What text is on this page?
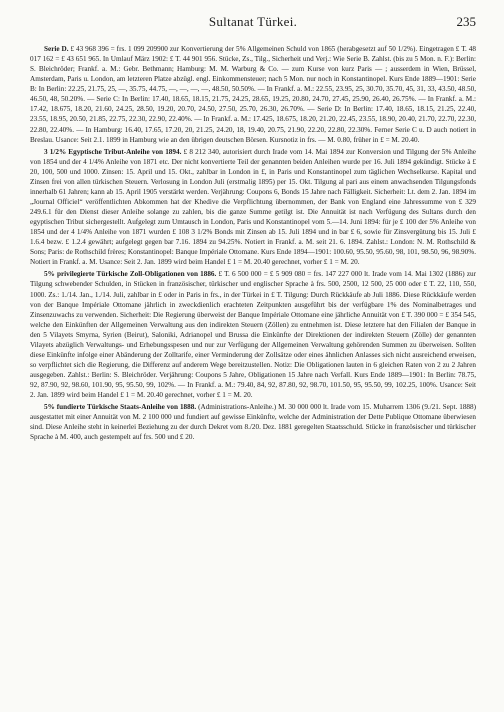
Sultanat Türkei.	235

Serie D. £ 43 968 396 = frs. 1 099 209900 zur Konvertierung der 5% Allgemeinen Schuld von 1865 (herabgesetzt auf 50 1/2%). Eingetragen £ T. 48 017 162 = £ 43 651 965. In Umlauf März 1902: £ T. 44 901 956. Stücke, Zs., Tilg., Sicherheit und Verj.: Wie Serie B. Zahlst. (bis zu 5 Mon. n. F.): Berlin: S. Bleichröder; Frankf. a. M.: Gebr. Bethmann; Hamburg: M. M. Warburg & Co. — zum Kurse von kurz Paris — ; ausserdem in Wien, Brüssel, Amsterdam, Paris u. London, am letzteren Platze abzügl. engl. Einkommensteuer; nach 5 Mon. nur noch in Konstantinopel. Kurs Ende 1889—1901: Serie B: In Berlin: 22.25, 21.75, 25, —, 35.75, 44.75, —, —, —, —, 48.50, 50.50%. — In Frankf. a. M.: 22.55, 23.95, 25, 30.70, 35.70, 45, 31, 33, 43.50, 48.50, 46.50, 48, 50.20%. — Serie C: In Berlin: 17.40, 18.65, 18.15, 21.75, 24.25, 28.65, 19.25, 20.80, 24.70, 27.45, 25.90, 26.40, 26.75%. — In Frankf. a. M.: 17.42, 18.675, 18.20, 21.60, 24.25, 28.50, 19.20, 20.70, 24.50, 27.50, 25.70, 26.30, 26.70%. — Serie D: In Berlin: 17.40, 18.65, 18.15, 21.25, 22.40, 23.55, 18.95, 20.50, 21.85, 22.75, 22.30, 22.90, 22.40%. — In Frankf. a. M.: 17.425, 18.675, 18.20, 21.20, 22.45, 23.55, 18.90, 20.40, 21.70, 22.70, 22.30, 22.80, 22.40%. — In Hamburg: 16.40, 17.65, 17.20, 20, 21.25, 24.20, 18, 19.40, 20.75, 21.90, 22.20, 22.80, 22.30%. Ferner Serie C u. D auch notiert in Breslau. Usance: Seit 2.1. 1899 in Hamburg wie an den übrigen deutschen Börsen. Kursnotiz in frs. — M. 0.80, früher in £ = M. 20.40.

3 1/2% Egyptische Tribut-Anleihe von 1894. £ 8 212 340, autorisiert durch Irade vom 14. Mai 1894 zur Konversion und Tilgung der 5% Anleihe von 1854 und der 4 1/4% Anleihe von 1871 etc. Der nicht konvertierte Teil der genannten beiden Anleihen wurde per 16. Juli 1894 gekündigt. Stücke à £ 20, 100, 500 und 1000. Zinsen: 15. April und 15. Okt., zahlbar in London in £, in Paris und Konstantinopel zum täglichen Wechselkurse. Kapital und Zinsen frei von allen türkischen Steuern. Verlosung in London Juli (erstmalig 1895) per 15. Okt. Tilgung al pari aus einem anwachsenden Tilgungsfonds innerhalb 61 Jahren; kann ab 15. April 1905 verstärkt werden. Verjährung: Coupons 6, Bonds 15 Jahre nach Fälligkeit. Sicherheit: Lt. dem 2. Jan. 1894 im „Journal Officiel“ veröffentlichten Abkommen hat der Khedive die Verpflichtung übernommen, der Bank von England eine Jahressumme von £ 329 249.6.1 für den Dienst dieser Anleihe solange zu zahlen, bis die ganze Summe getilgt ist. Die Annuität ist nach Verfügung des Sultans durch den egyptischen Tribut sichergestellt. Aufgelegt zum Umtausch in London, Paris und Konstantinopel vom 5.—14. Juni 1894: für je £ 100 der 5% Anleihe von 1854 und der 4 1/4% Anleihe von 1871 wurden £ 108 3 1/2% Bonds mit Zinsen ab 15. Juli 1894 und in bar £ 6, sowie für Zinsvergütung bis 15. Juli £ 1.6.4 bezw. £ 1.2.4 gewährt; aufgelegt gegen bar 7.16. 1894 zu 94.25%. Notiert in Frankf. a. M. seit 21. 6. 1894. Zahlst.: London: N. M. Rothschild & Sons; Paris: de Rothschild frères; Konstantinopel: Banque Impériale Ottomane. Kurs Ende 1894—1901: 100.60, 95.50, 95.60, 98, 101, 98.50, 96, 98.90%. Notiert in Frankf. a. M. Usance: Seit 2. Jan. 1899 wird beim Handel £ 1 = M. 20.40 gerechnet, vorher £ 1 = M. 20.

5% privilegierte Türkische Zoll-Obligationen von 1886. £ T. 6 500 000 = £ 5 909 080 = frs. 147 227 000 lt. Irade vom 14. Mai 1302 (1886) zur Tilgung schwebender Schulden, in Stücken in französischer, türkischer und englischer Sprache à frs. 500, 2500, 12 500, 25 000 oder £ T. 22, 110, 550, 1000. Zs.: 1./14. Jan., 1./14. Juli, zahlbar in £ oder in Paris in frs., in der Türkei in £ T. Tilgung: Durch Rückkäufe ab Juli 1886. Diese Rückkäufe werden von der Banque Impériale Ottomane jährlich in zweckdienlich erachteten Zeitpunkten ausgeführt bis der verfügbare 1% des Nominalbetrages und Zinsenzuwachs zu verwenden. Sicherheit: Die Regierung überweist der Banque Impériale Ottomane eine jährliche Annuität von £ T. 390 000 = £ 354 545, welche den Einkünften der Allgemeinen Verwaltung aus den indirekten Steuern (Zöllen) zu entnehmen ist. Diese letztere hat den Filialen der Banque in den 5 Vilayets Smyrna, Syrien (Beirut), Saloniki, Adrianopel und Brussa die Einkünfte der Direktionen der indirekten Steuern (Zölle) der genannten Vilayets abzüglich Verwaltungs- und Erhebungsspesen und nur zur Verfügung der Allgemeinen Verwaltung gehörenden Summen zu überweisen. Sollten diese Einkünfte infolge einer Abänderung der Zolltarife, einer Verminderung der Zollsätze oder eines ähnlichen Anlasses sich nicht ausreichend erweisen, so verpflichtet sich die Regierung, die Differenz auf anderem Wege bereitzustellen. Notiz: Die Obligationen lauten in 6 gleichen Raten von 2 zu 2 Jahren ausgegeben. Zahlst.: Berlin: S. Bleichröder. Verjährung: Coupons 5 Jahre, Obligationen 15 Jahre nach Verfall. Kurs Ende 1889—1901: In Berlin: 78.75, 92, 87.90, 92, 98.60, 101.90, 95, 95.50, 99, 102%. — In Frankf. a. M.: 79.40, 84, 92, 87.80, 92, 98.70, 101.50, 95, 95.50, 99, 102.25, 100%. Usance: Seit 2. Jan. 1899 wird beim Handel £ 1 = M. 20.40 gerechnet, vorher £ 1 = M. 20.

5% fundierte Türkische Staats-Anleihe von 1888. (Administrations-Anleihe.) M. 30 000 000 lt. Irade vom 15. Muharrem 1306 (9./21. Sept. 1888) ausgestattet mit einer Annuität von M. 2 100 000 und fundiert auf gewisse Einkünfte, welche der Administration der Dette Publique Ottomane überwiesen sind. Diese Anleihe steht in keinerlei Beziehung zu der durch Dekret vom 8./20. Dez. 1881 geregelten Staatsschuld. Stücke in französischer und türkischer Sprache à M. 400, auch gestempelt auf frs. 500 und £ 20.
